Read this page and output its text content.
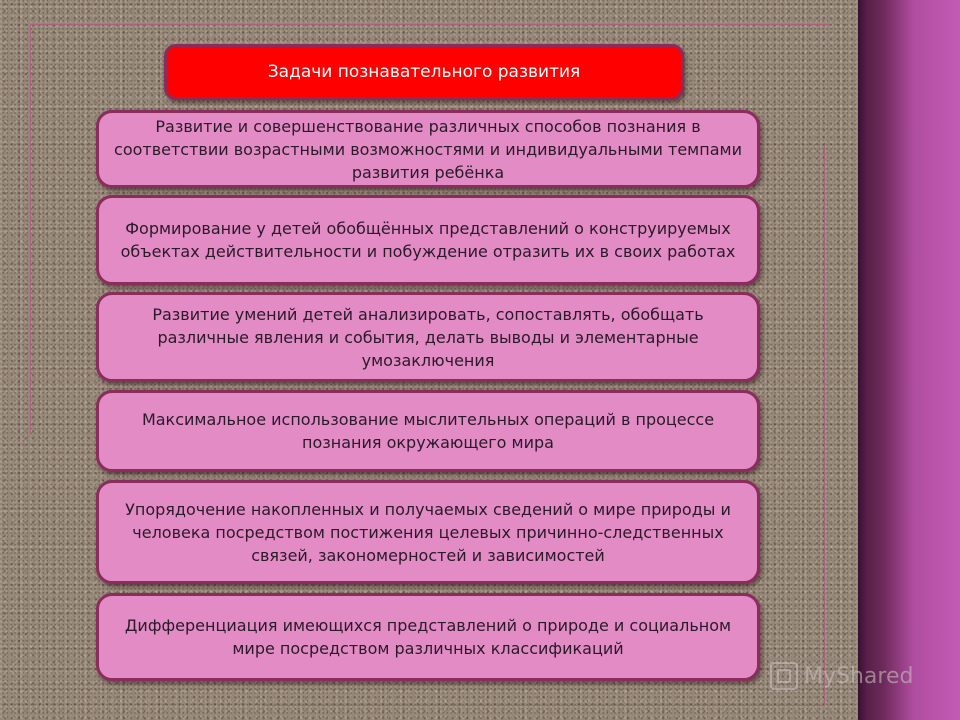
Задачи познавательного развития
Развитие и совершенствование различных способов познания в соответствии возрастными возможностями и индивидуальными темпами развития ребёнка
Формирование у детей обобщённых представлений о конструируемых объектах действительности и побуждение отразить их в своих работах
Развитие умений детей анализировать, сопоставлять, обобщать различные явления и события, делать выводы и элементарные умозаключения
Максимальное использование мыслительных операций в процессе познания окружающего мира
Упорядочение накопленных и получаемых сведений о мире природы и человека посредством постижения целевых причинно-следственных связей, закономерностей и зависимостей
Дифференциация имеющихся представлений о природе и социальном мире посредством различных классификаций
MyShared
